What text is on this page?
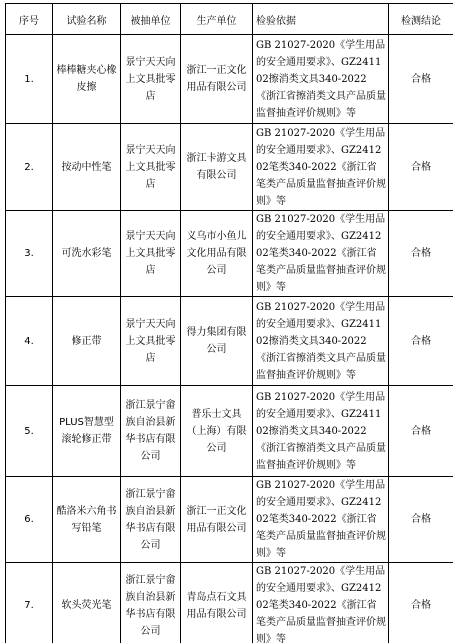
序号	试验名称	被抽单位	生产单位	检验依据	检测结论
1.	棒棒糖夹心橡皮擦	景宁天天向上文具批零店	浙江一正文化用品有限公司	GB 21027-2020《学生用品的安全通用要求》、GZ241102擦消类文具340-2022《浙江省擦消类文具产品质量监督抽查评价规则》等	合格
2.	按动中性笔	景宁天天向上文具批零店	浙江卡游文具有限公司	GB 21027-2020《学生用品的安全通用要求》、GZ241202笔类340-2022《浙江省笔类产品质量监督抽查评价规则》等	合格
3.	可洗水彩笔	景宁天天向上文具批零店	义乌市小鱼儿文化用品有限公司	GB 21027-2020《学生用品的安全通用要求》、GZ241202笔类340-2022《浙江省笔类产品质量监督抽查评价规则》等	合格
4.	修正带	景宁天天向上文具批零店	得力集团有限公司	GB 21027-2020《学生用品的安全通用要求》、GZ241102擦消类文具340-2022《浙江省擦消类文具产品质量监督抽查评价规则》等	合格
5.	PLUS智慧型滚轮修正带	浙江景宁畲族自治县新华书店有限公司	普乐士文具（上海）有限公司	GB 21027-2020《学生用品的安全通用要求》、GZ241102擦消类文具340-2022《浙江省擦消类文具产品质量监督抽查评价规则》等	合格
6.	酷洛米六角书写铅笔	浙江景宁畲族自治县新华书店有限公司	浙江一正文化用品有限公司	GB 21027-2020《学生用品的安全通用要求》、GZ241202笔类340-2022《浙江省笔类产品质量监督抽查评价规则》等	合格
7.	软头荧光笔	浙江景宁畲族自治县新华书店有限公司	青岛点石文具用品有限公司	GB 21027-2020《学生用品的安全通用要求》、GZ241202笔类340-2022《浙江省笔类产品质量监督抽查评价规则》等	合格
